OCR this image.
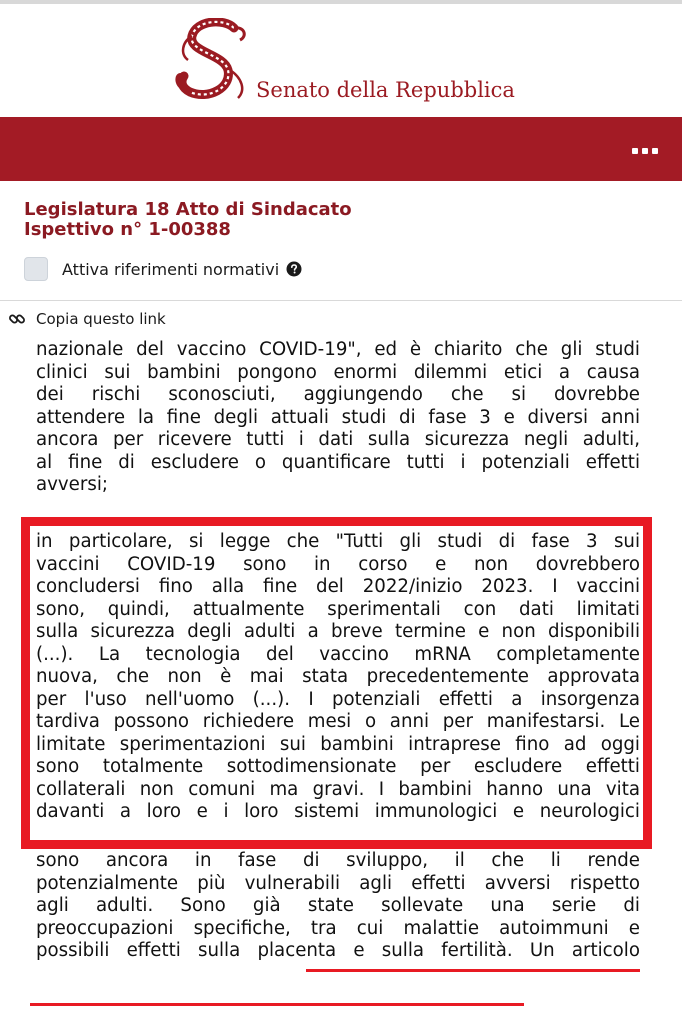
Senato della Repubblica
Legislatura 18 Atto di Sindacato
Ispettivo n° 1-00388
Attiva riferimenti normativi
Copia questo link
nazionale del vaccino COVID-19", ed è chiarito che gli studi
clinici sui bambini pongono enormi dilemmi etici a causa
dei rischi sconosciuti, aggiungendo che si dovrebbe
attendere la fine degli attuali studi di fase 3 e diversi anni
ancora per ricevere tutti i dati sulla sicurezza negli adulti,
al fine di escludere o quantificare tutti i potenziali effetti
avversi;
in particolare, si legge che "Tutti gli studi di fase 3 sui
vaccini COVID-19 sono in corso e non dovrebbero
concludersi fino alla fine del 2022/inizio 2023. I vaccini
sono, quindi, attualmente sperimentali con dati limitati
sulla sicurezza degli adulti a breve termine e non disponibili
(...). La tecnologia del vaccino mRNA completamente
nuova, che non è mai stata precedentemente approvata
per l'uso nell'uomo (...). I potenziali effetti a insorgenza
tardiva possono richiedere mesi o anni per manifestarsi. Le
limitate sperimentazioni sui bambini intraprese fino ad oggi
sono totalmente sottodimensionate per escludere effetti
collaterali non comuni ma gravi. I bambini hanno una vita
davanti a loro e i loro sistemi immunologici e neurologici
sono ancora in fase di sviluppo, il che li rende
potenzialmente più vulnerabili agli effetti avversi rispetto
agli adulti. Sono già state sollevate una serie di
preoccupazioni specifiche, tra cui malattie autoimmuni e
possibili effetti sulla placenta e sulla fertilità. Un articolo
